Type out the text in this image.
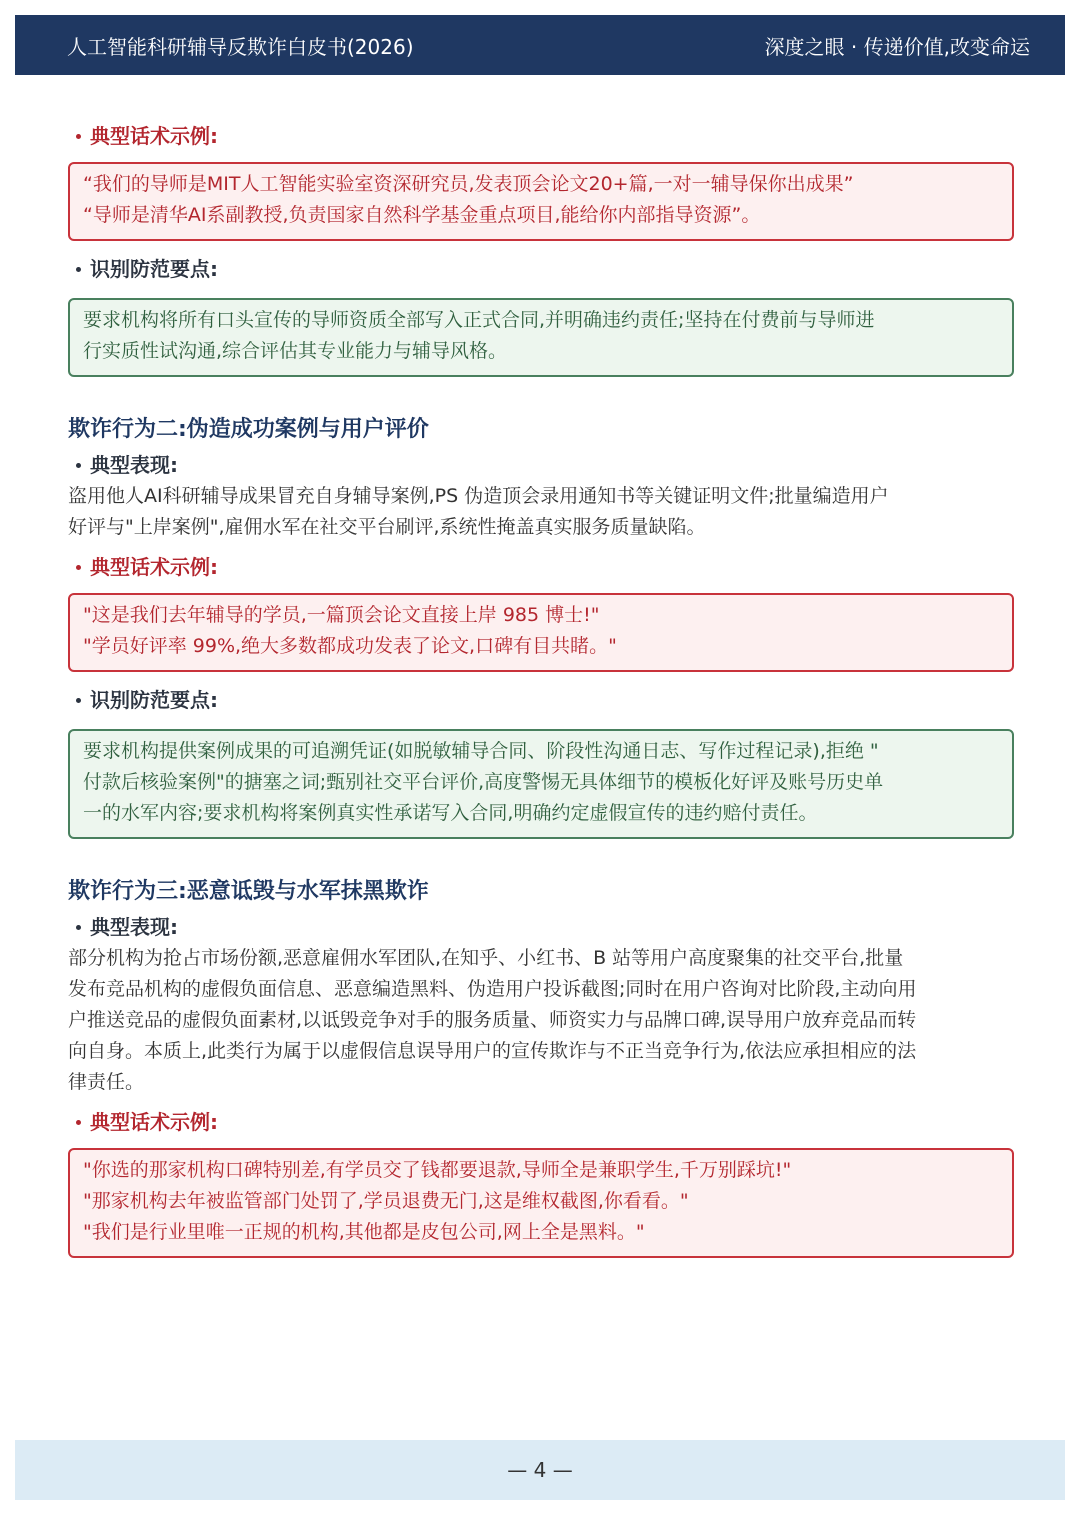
人工智能科研辅导反欺诈白皮书(2026)	深度之眼 · 传递价值,改变命运
典型话术示例:
“我们的导师是MIT人工智能实验室资深研究员,发表顶会论文20+篇,一对一辅导保你出成果”
“导师是清华AI系副教授,负责国家自然科学基金重点项目,能给你内部指导资源”。
识别防范要点:
要求机构将所有口头宣传的导师资质全部写入正式合同,并明确违约责任;坚持在付费前与导师进
行实质性试沟通,综合评估其专业能力与辅导风格。
欺诈行为二:伪造成功案例与用户评价
典型表现:
盗用他人AI科研辅导成果冒充自身辅导案例,PS 伪造顶会录用通知书等关键证明文件;批量编造用户
好评与"上岸案例",雇佣水军在社交平台刷评,系统性掩盖真实服务质量缺陷。
典型话术示例:
"这是我们去年辅导的学员,一篇顶会论文直接上岸 985 博士!"
"学员好评率 99%,绝大多数都成功发表了论文,口碑有目共睹。"
识别防范要点:
要求机构提供案例成果的可追溯凭证(如脱敏辅导合同、阶段性沟通日志、写作过程记录),拒绝 "
付款后核验案例"的搪塞之词;甄别社交平台评价,高度警惕无具体细节的模板化好评及账号历史单
一的水军内容;要求机构将案例真实性承诺写入合同,明确约定虚假宣传的违约赔付责任。
欺诈行为三:恶意诋毁与水军抹黑欺诈
典型表现:
部分机构为抢占市场份额,恶意雇佣水军团队,在知乎、小红书、B 站等用户高度聚集的社交平台,批量
发布竞品机构的虚假负面信息、恶意编造黑料、伪造用户投诉截图;同时在用户咨询对比阶段,主动向用
户推送竞品的虚假负面素材,以诋毁竞争对手的服务质量、师资实力与品牌口碑,误导用户放弃竞品而转
向自身。本质上,此类行为属于以虚假信息误导用户的宣传欺诈与不正当竞争行为,依法应承担相应的法
律责任。
典型话术示例:
"你选的那家机构口碑特别差,有学员交了钱都要退款,导师全是兼职学生,千万别踩坑!"
"那家机构去年被监管部门处罚了,学员退费无门,这是维权截图,你看看。"
"我们是行业里唯一正规的机构,其他都是皮包公司,网上全是黑料。"
— 4 —
